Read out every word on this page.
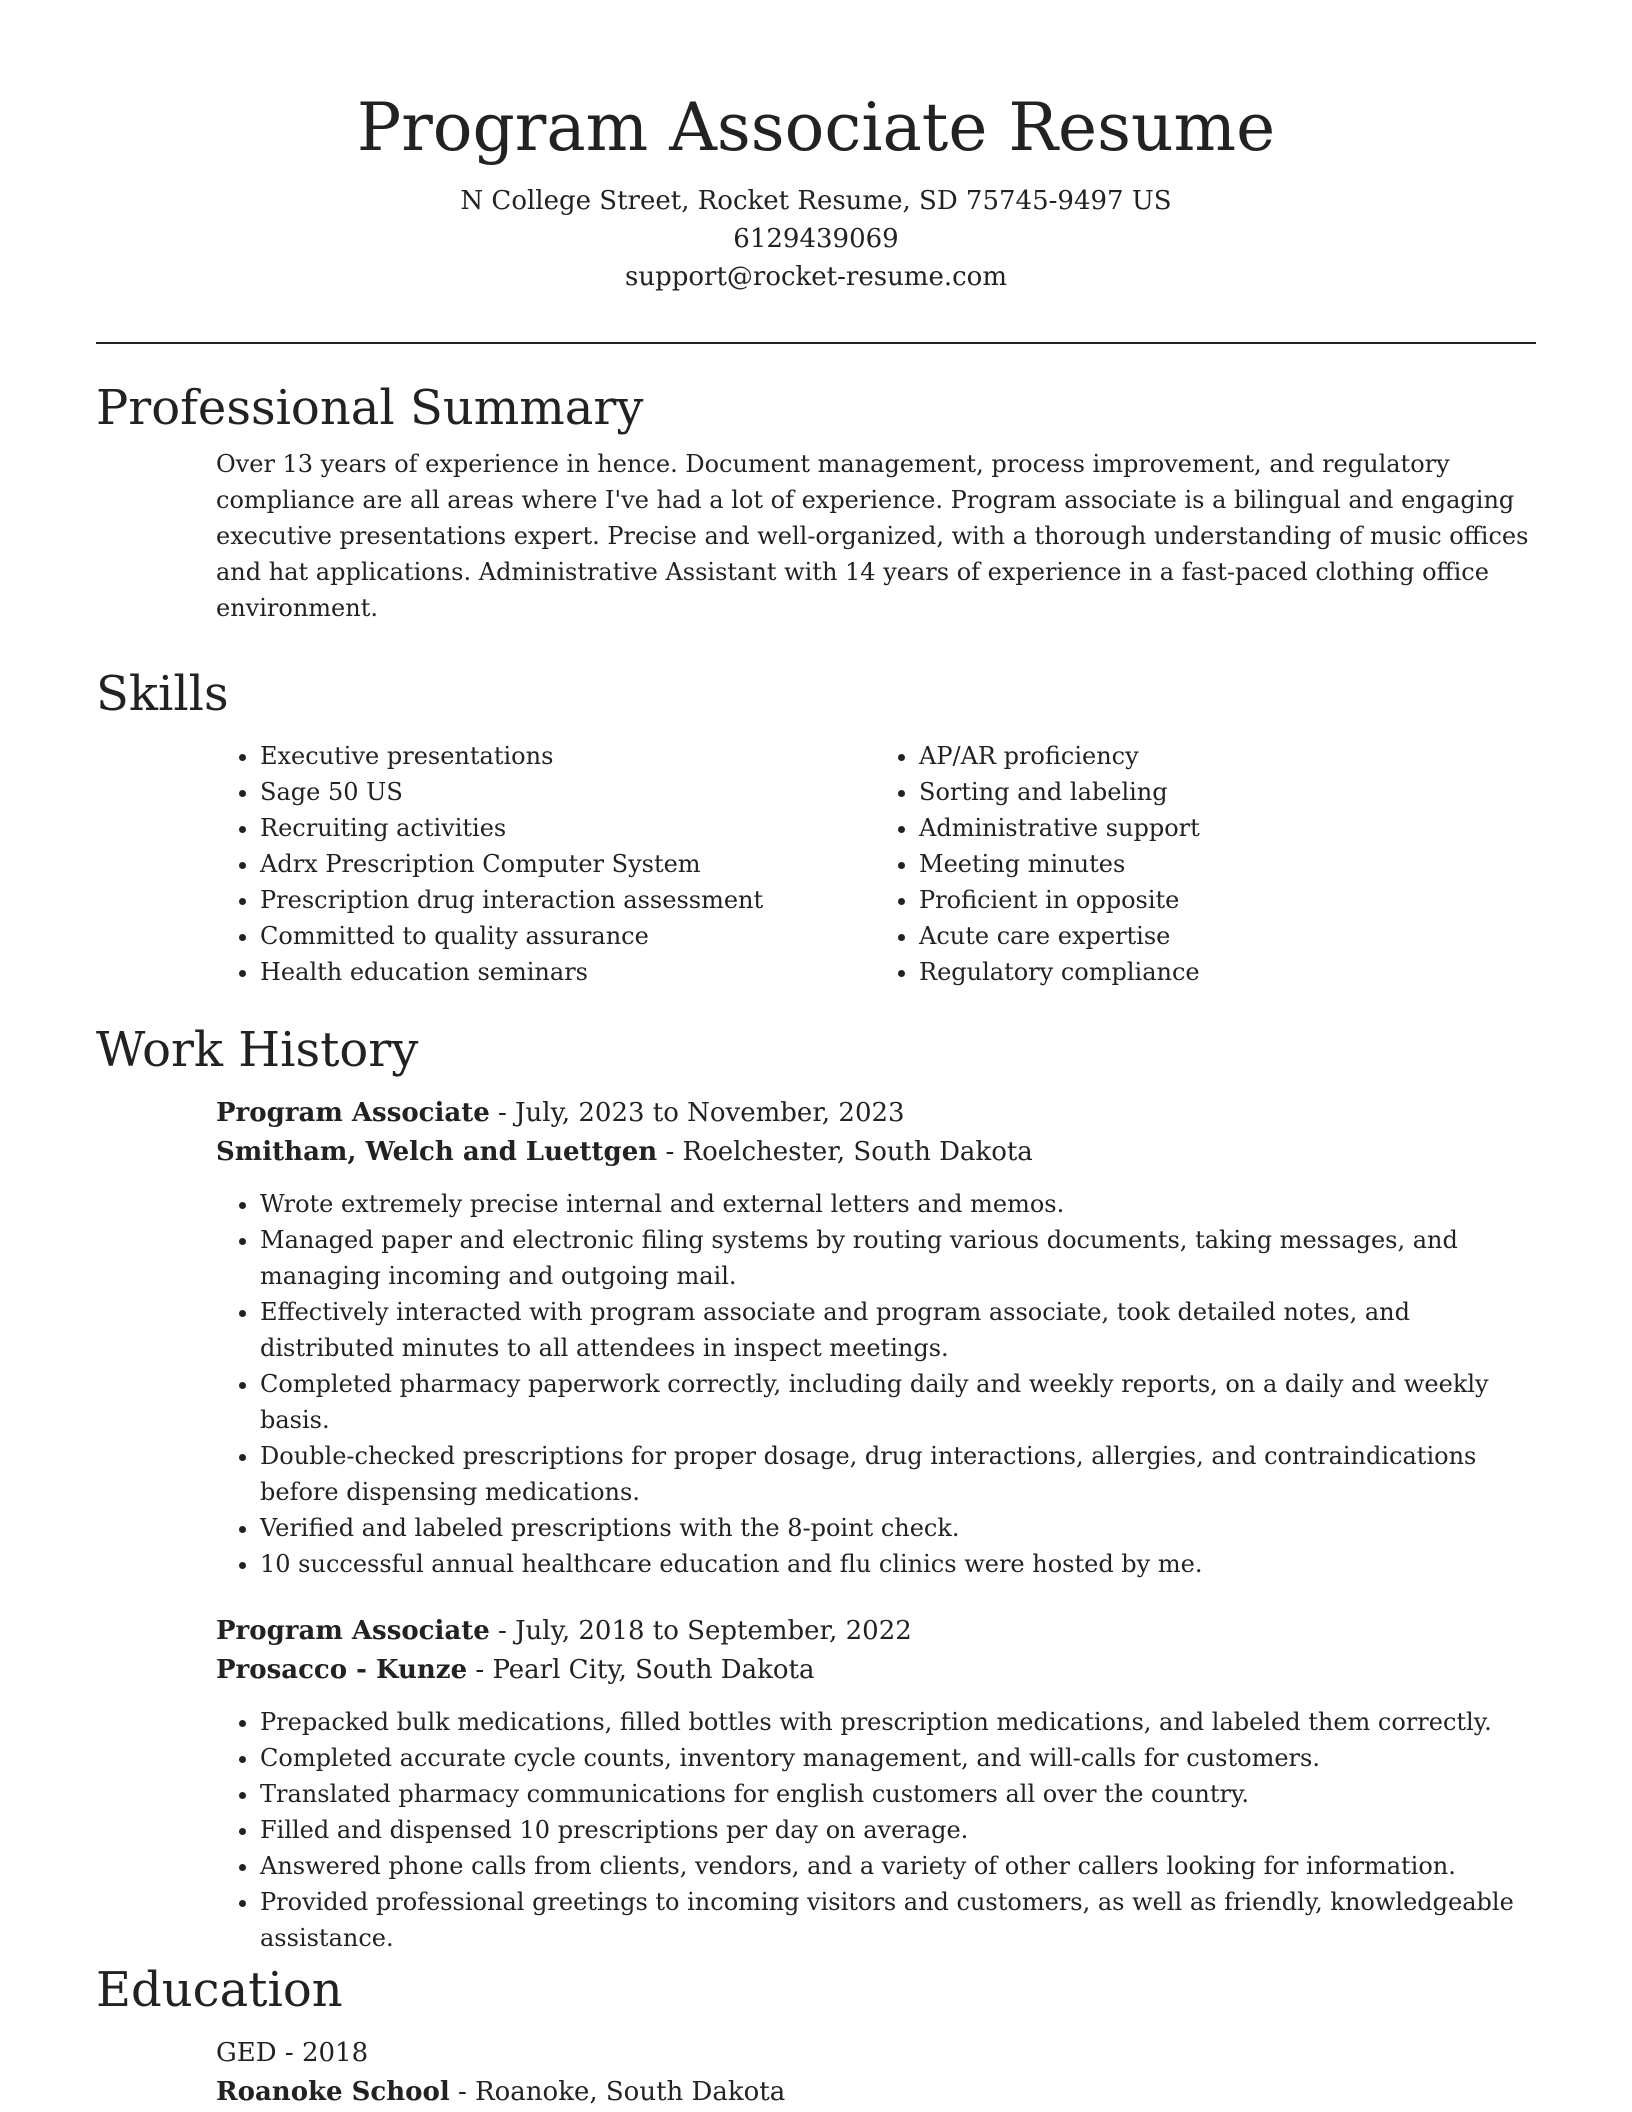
Program Associate Resume

N College Street, Rocket Resume, SD 75745-9497 US

6129439069

support@rocket-resume.com

Professional Summary

Over 13 years of experience in hence. Document management, process improvement, and regulatory compliance are all areas where I've had a lot of experience. Program associate is a bilingual and engaging executive presentations expert. Precise and well-organized, with a thorough understanding of music offices and hat applications. Administrative Assistant with 14 years of experience in a fast-paced clothing office environment.

Skills
• Executive presentations
• Sage 50 US
• Recruiting activities
• Adrx Prescription Computer System
• Prescription drug interaction assessment
• Committed to quality assurance
• Health education seminars
• AP/AR proficiency
• Sorting and labeling
• Administrative support
• Meeting minutes
• Proficient in opposite
• Acute care expertise
• Regulatory compliance
Work History
Program Associate - July, 2023 to November, 2023
Smitham, Welch and Luettgen - Roelchester, South Dakota
• Wrote extremely precise internal and external letters and memos.
• Managed paper and electronic filing systems by routing various documents, taking messages, and managing incoming and outgoing mail.
• Effectively interacted with program associate and program associate, took detailed notes, and distributed minutes to all attendees in inspect meetings.
• Completed pharmacy paperwork correctly, including daily and weekly reports, on a daily and weekly basis.
• Double-checked prescriptions for proper dosage, drug interactions, allergies, and contraindications before dispensing medications.
• Verified and labeled prescriptions with the 8-point check.
• 10 successful annual healthcare education and flu clinics were hosted by me.
Program Associate - July, 2018 to September, 2022
Prosacco - Kunze - Pearl City, South Dakota
• Prepacked bulk medications, filled bottles with prescription medications, and labeled them correctly.
• Completed accurate cycle counts, inventory management, and will-calls for customers.
• Translated pharmacy communications for english customers all over the country.
• Filled and dispensed 10 prescriptions per day on average.
• Answered phone calls from clients, vendors, and a variety of other callers looking for information.
• Provided professional greetings to incoming visitors and customers, as well as friendly, knowledgeable assistance.
Education
GED - 2018
Roanoke School - Roanoke, South Dakota
